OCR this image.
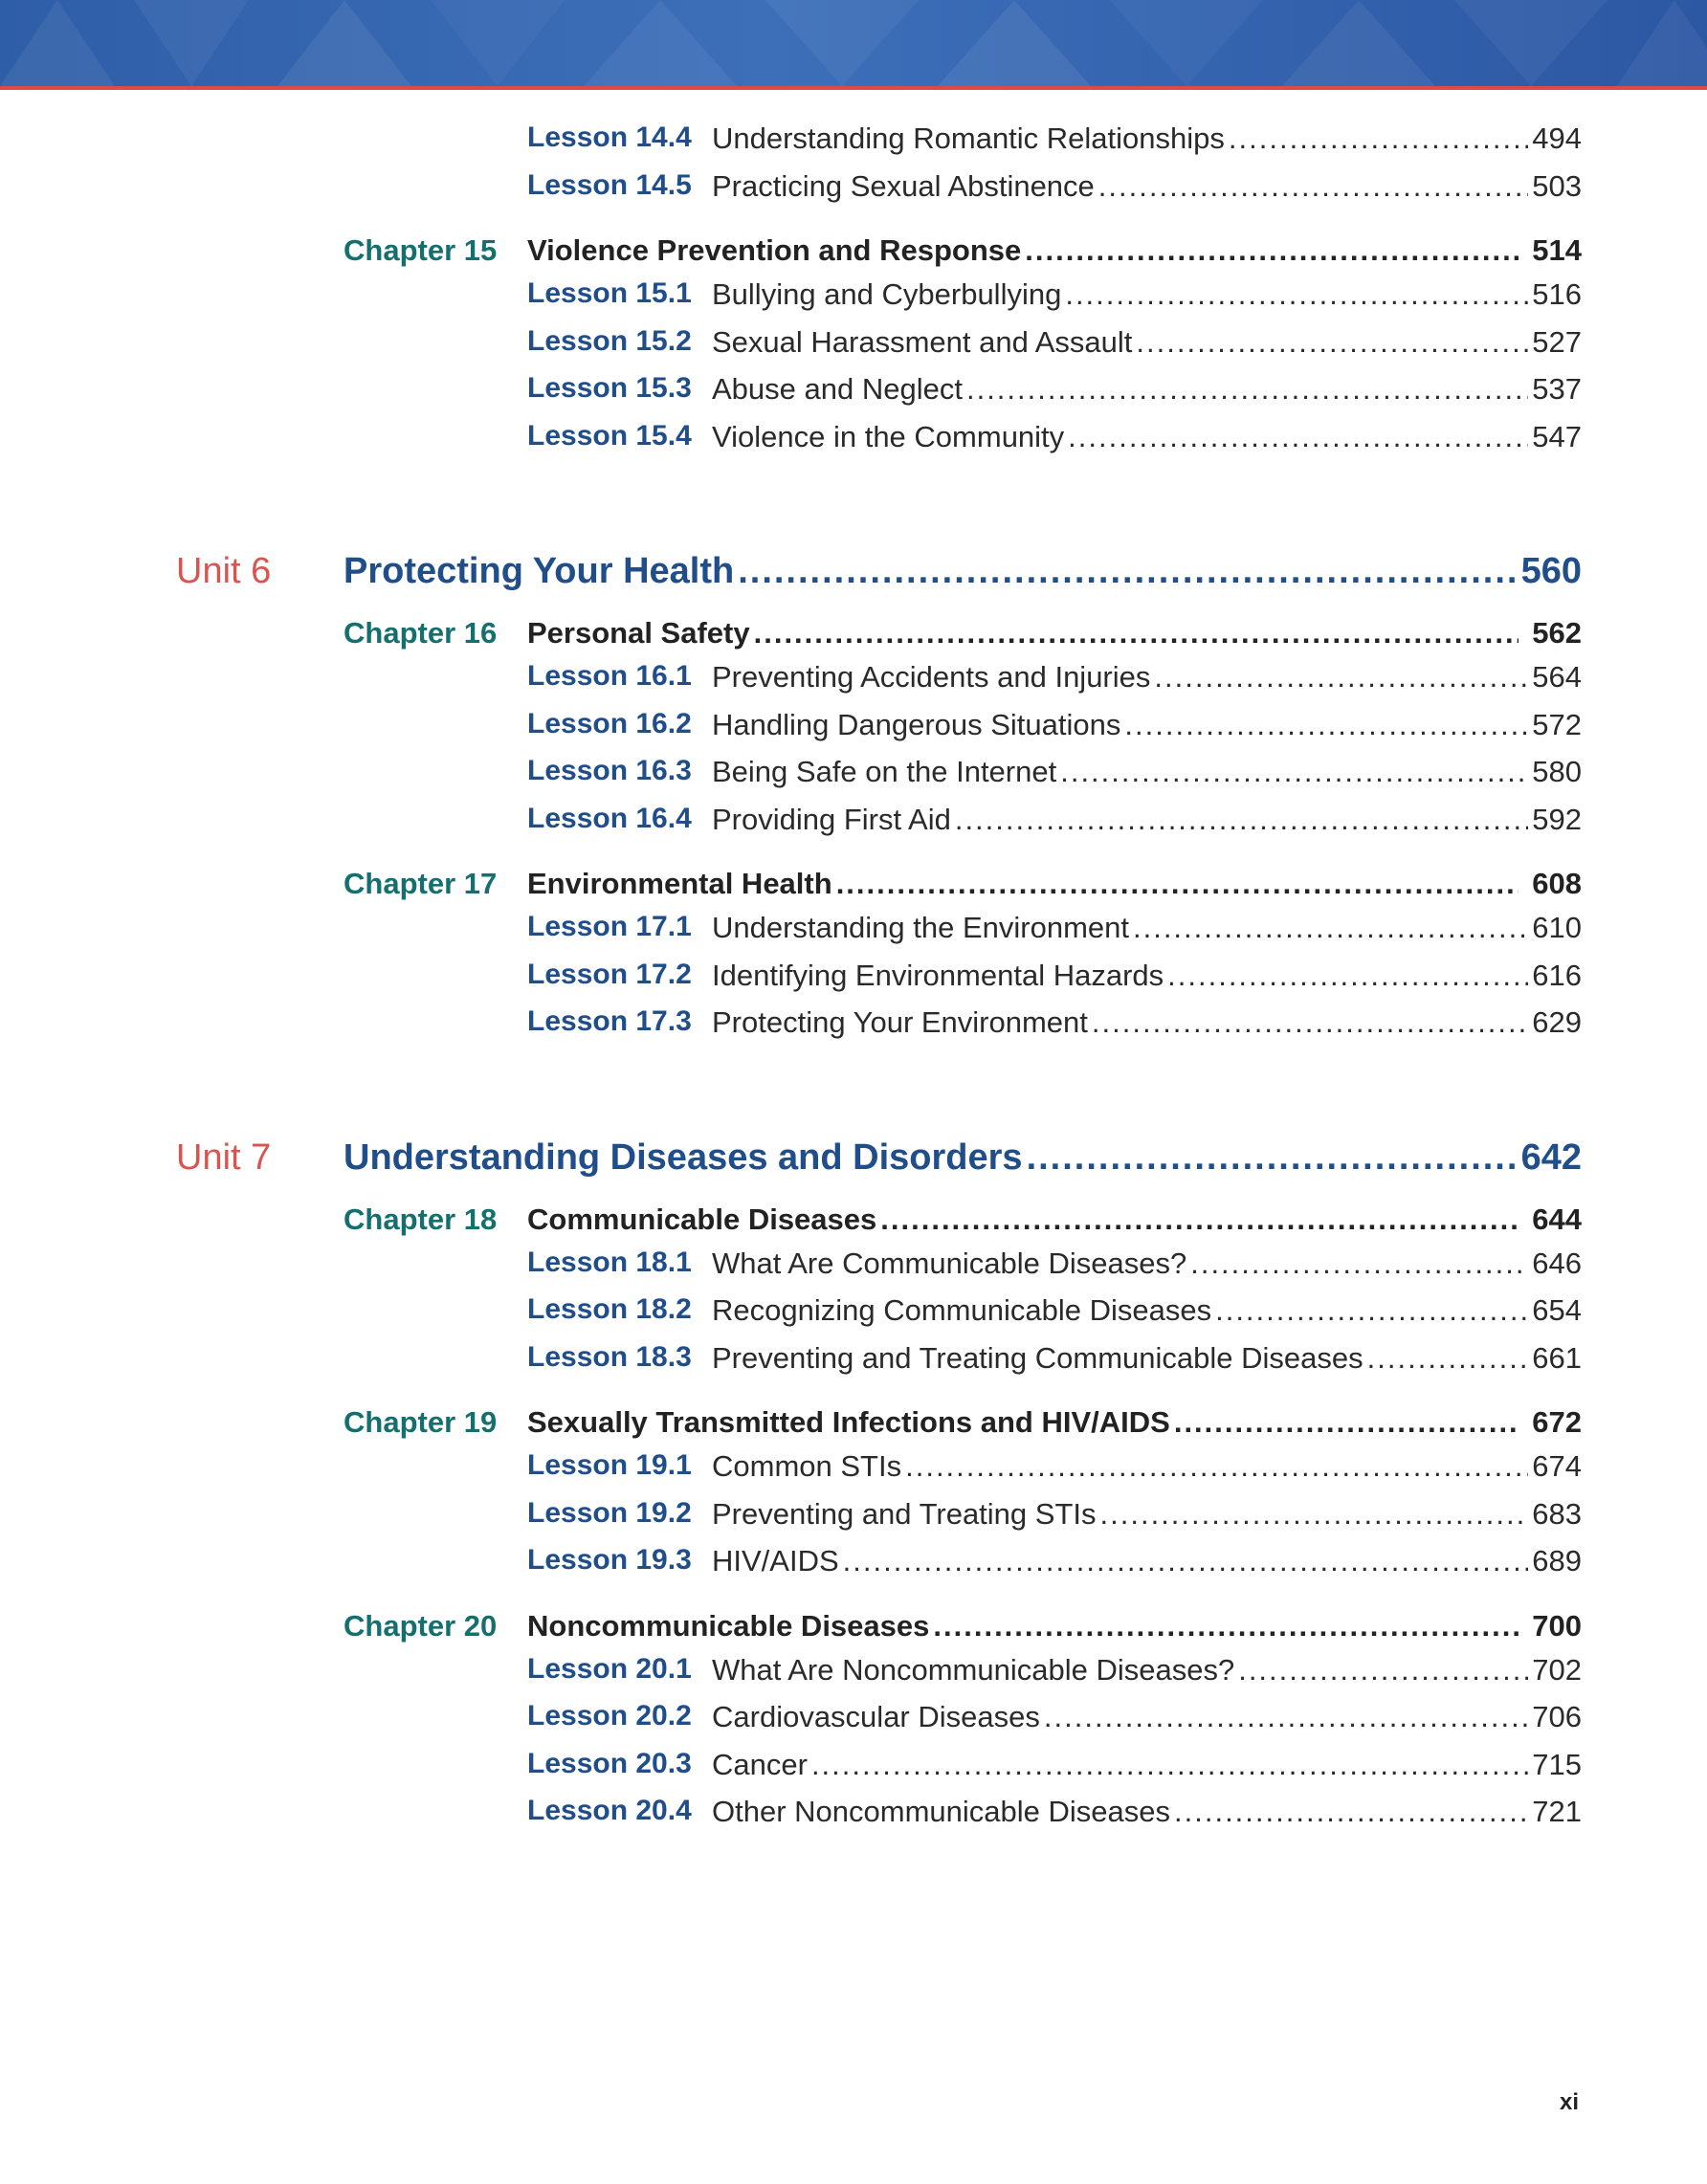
Lesson 14.4 Understanding Romantic Relationships .....	494
Lesson 14.5 Practicing Sexual Abstinence .....	503
Chapter 15 Violence Prevention and Response .....	514
Lesson 15.1 Bullying and Cyberbullying .....	516
Lesson 15.2 Sexual Harassment and Assault .....	527
Lesson 15.3 Abuse and Neglect .....	537
Lesson 15.4 Violence in the Community .....	547
Unit 6 Protecting Your Health .....	560
Chapter 16 Personal Safety .....	562
Lesson 16.1 Preventing Accidents and Injuries .....	564
Lesson 16.2 Handling Dangerous Situations .....	572
Lesson 16.3 Being Safe on the Internet .....	580
Lesson 16.4 Providing First Aid .....	592
Chapter 17 Environmental Health .....	608
Lesson 17.1 Understanding the Environment .....	610
Lesson 17.2 Identifying Environmental Hazards .....	616
Lesson 17.3 Protecting Your Environment .....	629
Unit 7 Understanding Diseases and Disorders .....	642
Chapter 18 Communicable Diseases .....	644
Lesson 18.1 What Are Communicable Diseases? .....	646
Lesson 18.2 Recognizing Communicable Diseases .....	654
Lesson 18.3 Preventing and Treating Communicable Diseases .....	661
Chapter 19 Sexually Transmitted Infections and HIV/AIDS .....	672
Lesson 19.1 Common STIs .....	674
Lesson 19.2 Preventing and Treating STIs .....	683
Lesson 19.3 HIV/AIDS .....	689
Chapter 20 Noncommunicable Diseases .....	700
Lesson 20.1 What Are Noncommunicable Diseases? .....	702
Lesson 20.2 Cardiovascular Diseases .....	706
Lesson 20.3 Cancer .....	715
Lesson 20.4 Other Noncommunicable Diseases .....	721
xi
